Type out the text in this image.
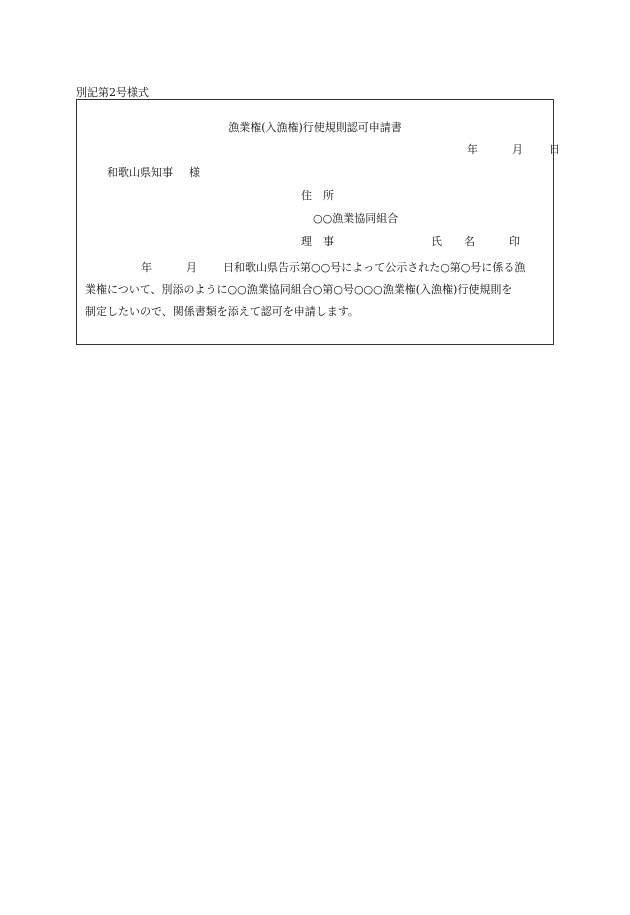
別記第2号様式
漁業権(入漁権)行使規則認可申請書
年	月 日
和歌山県知事 様
住　所
○○漁業協同組合
理　事	氏　　名	印

年	月 日和歌山県告示第○○号によって公示された○第○号に係る漁

業権について、別添のように○○漁業協同組合○第○号○○○漁業権(入漁権)行使規則を

制定したいので、関係書類を添えて認可を申請します。
